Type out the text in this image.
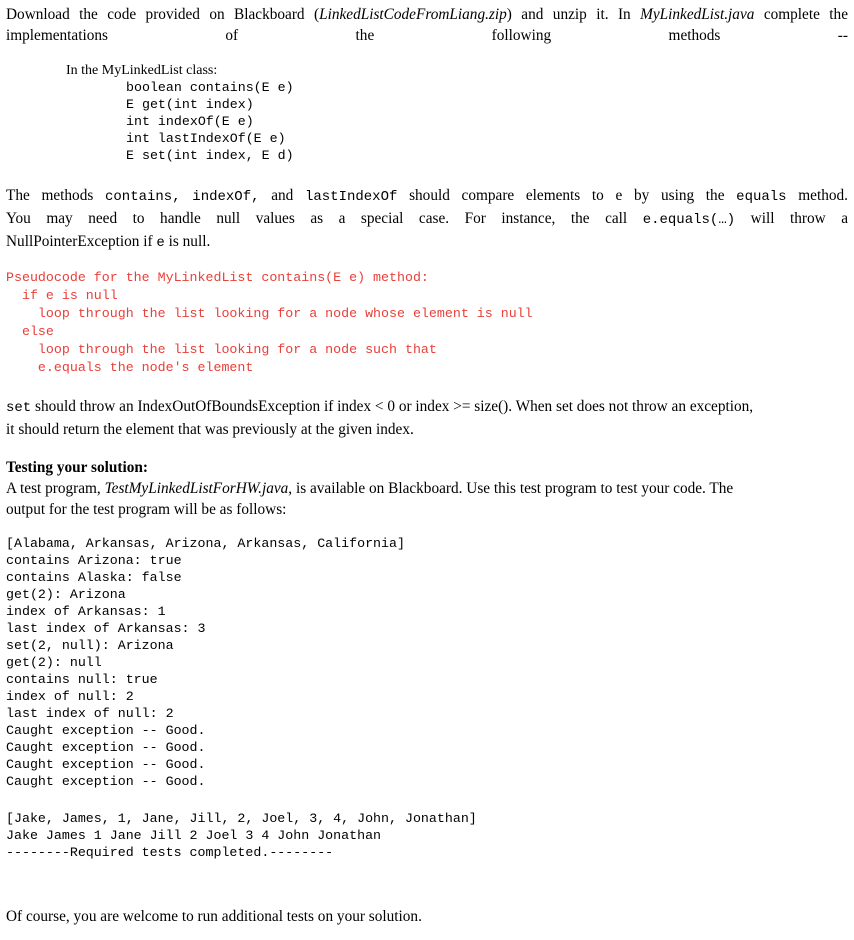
Download the code provided on Blackboard (LinkedListCodeFromLiang.zip) and unzip it. In MyLinkedList.java complete the implementations of the following methods --

In the MyLinkedList class:
boolean contains(E e)
E get(int index)
int indexOf(E e)
int lastIndexOf(E e)
E set(int index, E d)
The methods contains, indexOf, and lastIndexOf should compare elements to e by using the equals method.
You may need to handle null values as a special case. For instance, the call e.equals(…) will throw a
NullPointerException if e is null.
Pseudocode for the MyLinkedList contains(E e) method:
if e is null
loop through the list looking for a node whose element is null
else
loop through the list looking for a node such that
e.equals the node's element
set should throw an IndexOutOfBoundsException if index < 0 or index >= size(). When set does not throw an exception,
it should return the element that was previously at the given index.
Testing your solution:
A test program, TestMyLinkedListForHW.java, is available on Blackboard. Use this test program to test your code. The
output for the test program will be as follows:
[Alabama, Arkansas, Arizona, Arkansas, California]
contains Arizona: true
contains Alaska: false
get(2): Arizona
index of Arkansas: 1
last index of Arkansas: 3
set(2, null): Arizona
get(2): null
contains null: true
index of null: 2
last index of null: 2
Caught exception -- Good.
Caught exception -- Good.
Caught exception -- Good.
Caught exception -- Good.
[Jake, James, 1, Jane, Jill, 2, Joel, 3, 4, John, Jonathan]
Jake James 1 Jane Jill 2 Joel 3 4 John Jonathan
--------Required tests completed.--------

Of course, you are welcome to run additional tests on your solution.
